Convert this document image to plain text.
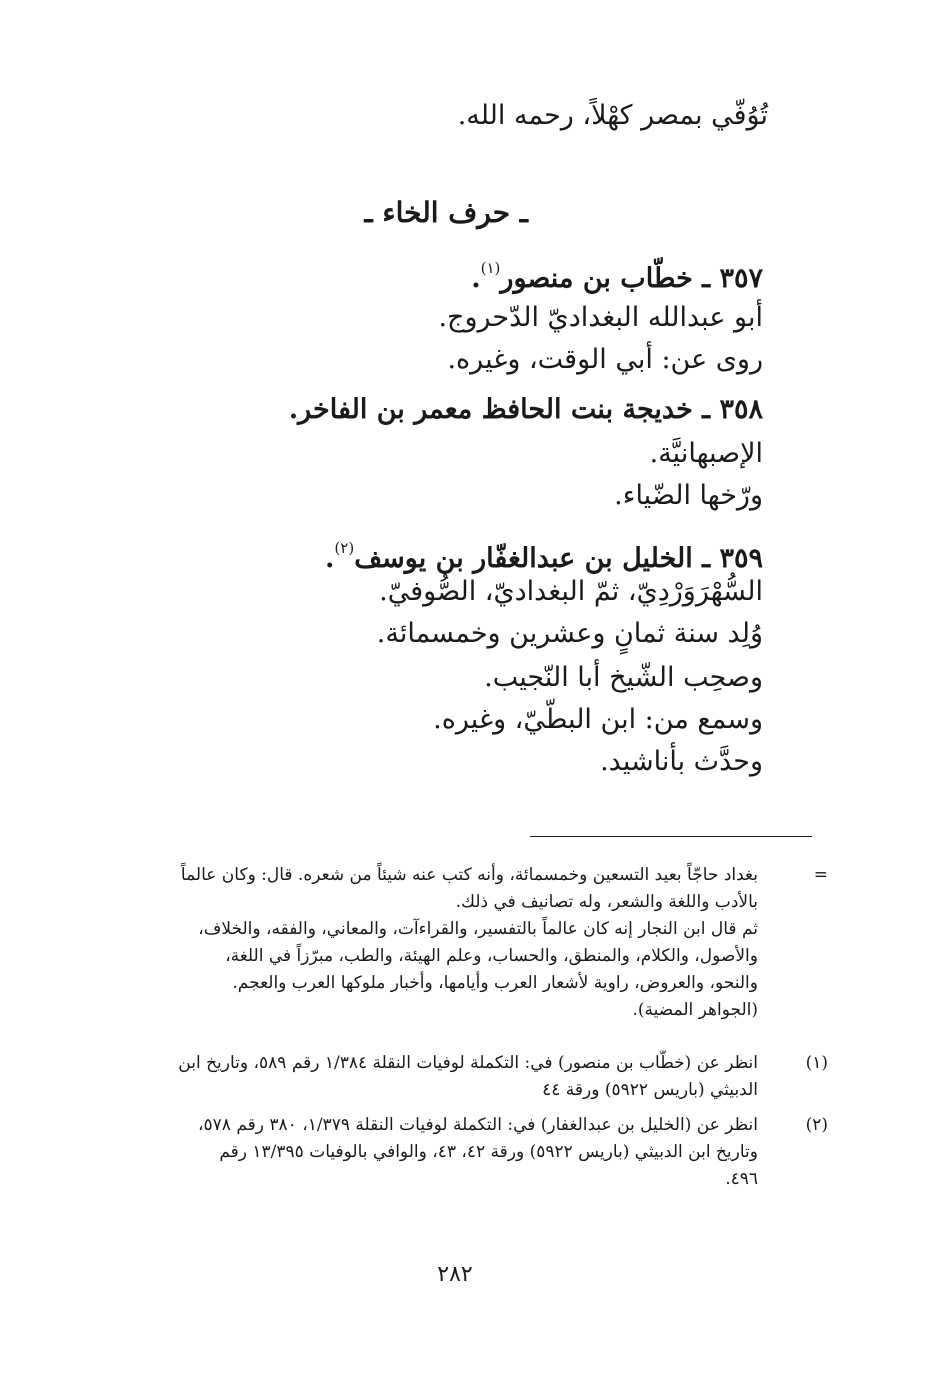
تُوُفّي بمصر كهْلاً، رحمه الله.
ـ حرف الخاء ـ
٣٥٧ ـ خطّاب بن منصور$^{(١)}$.
أبو عبدالله البغداديّ الدّحروج.
روى عن: أبي الوقت، وغيره.
٣٥٨ ـ خديجة بنت الحافظ معمر بن الفاخر.
الإصبهانيَّة.
ورّخها الضّياء.
٣٥٩ ـ الخليل بن عبدالغفّار بن يوسف$^{(٢)}$.
السُّهْرَوَرْدِيّ، ثمّ البغداديّ، الصُّوفيّ.
وُلِد سنة ثمانٍ وعشرين وخمسمائة.
وصحِب الشّيخ أبا النّجيب.
وسمع من: ابن البطّيّ، وغيره.
وحدَّث بأناشيد.
=
بغداد حاجّاً بعيد التسعين وخمسمائة، وأنه كتب عنه شيئاً من شعره. قال: وكان عالماً
بالأدب واللغة والشعر، وله تصانيف في ذلك.
ثم قال ابن النجار إنه كان عالماً بالتفسير، والقراءآت، والمعاني، والفقه، والخلاف،
والأصول، والكلام، والمنطق، والحساب، وعلم الهيئة، والطب، مبرّزاً في اللغة،
والنحو، والعروض، راوية لأشعار العرب وأيامها، وأخبار ملوكها العرب والعجم.
(الجواهر المضية).
(١)
انظر عن (خطّاب بن منصور) في: التكملة لوفيات النقلة ١/٣٨٤ رقم ٥٨٩، وتاريخ ابن
الدبيثي (باريس ٥٩٢٢) ورقة ٤٤
(٢)
انظر عن (الخليل بن عبدالغفار) في: التكملة لوفيات النقلة ١/٣٧٩، ٣٨٠ رقم ٥٧٨،
وتاريخ ابن الدبيثي (باريس ٥٩٢٢) ورقة ٤٢، ٤٣، والوافي بالوفيات ١٣/٣٩٥ رقم
٤٩٦.
٢٨٢
